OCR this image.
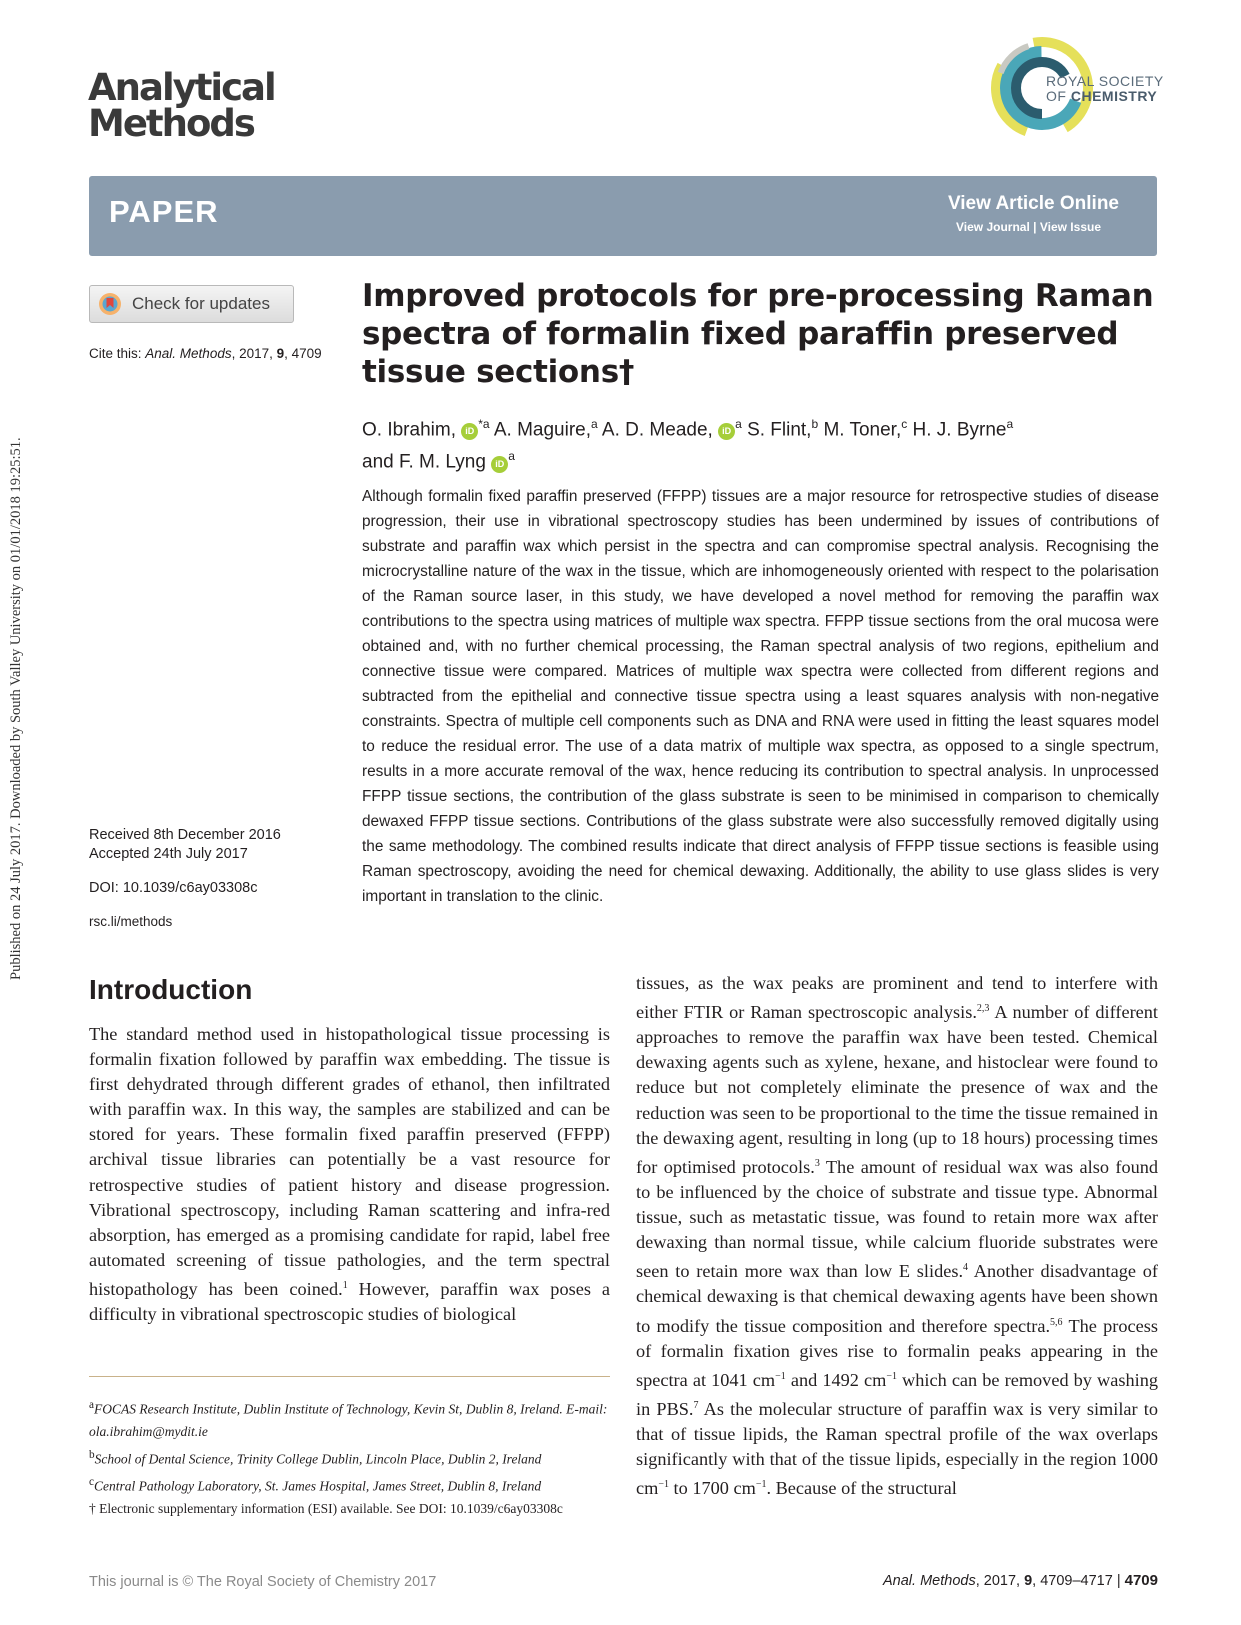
Published on 24 July 2017. Downloaded by South Valley University on 01/01/2018 19:25:51.
Analytical
Methods
ROYAL SOCIETY
OF CHEMISTRY
PAPER	View Article Online
View Journal | View Issue
Check for updates
Cite this: Anal. Methods, 2017, 9, 4709
Improved protocols for pre-processing Raman spectra of formalin fixed paraffin preserved tissue sections†
O. Ibrahim, $iD^{*a}$ A. Maguire,$^a$ A. D. Meade, $iD^a$ S. Flint,$^b$ M. Toner,$^c$ H. J. Byrne$^a$
and F. M. Lyng $iD^a$

Although formalin fixed paraffin preserved (FFPP) tissues are a major resource for retrospective studies of disease progression, their use in vibrational spectroscopy studies has been undermined by issues of contributions of substrate and paraffin wax which persist in the spectra and can compromise spectral analysis. Recognising the microcrystalline nature of the wax in the tissue, which are inhomogeneously oriented with respect to the polarisation of the Raman source laser, in this study, we have developed a novel method for removing the paraffin wax contributions to the spectra using matrices of multiple wax spectra. FFPP tissue sections from the oral mucosa were obtained and, with no further chemical processing, the Raman spectral analysis of two regions, epithelium and connective tissue were compared. Matrices of multiple wax spectra were collected from different regions and subtracted from the epithelial and connective tissue spectra using a least squares analysis with non-negative constraints. Spectra of multiple cell components such as DNA and RNA were used in fitting the least squares model to reduce the residual error. The use of a data matrix of multiple wax spectra, as opposed to a single spectrum, results in a more accurate removal of the wax, hence reducing its contribution to spectral analysis. In unprocessed FFPP tissue sections, the contribution of the glass substrate is seen to be minimised in comparison to chemically dewaxed FFPP tissue sections. Contributions of the glass substrate were also successfully removed digitally using the same methodology. The combined results indicate that direct analysis of FFPP tissue sections is feasible using Raman spectroscopy, avoiding the need for chemical dewaxing. Additionally, the ability to use glass slides is very important in translation to the clinic.

Received 8th December 2016
Accepted 24th July 2017
DOI: 10.1039/c6ay03308c
rsc.li/methods
Introduction
The standard method used in histopathological tissue processing is formalin fixation followed by paraffin wax embedding. The tissue is first dehydrated through different grades of ethanol, then infiltrated with paraffin wax. In this way, the samples are stabilized and can be stored for years. These formalin fixed paraffin preserved (FFPP) archival tissue libraries can potentially be a vast resource for retrospective studies of patient history and disease progression. Vibrational spectroscopy, including Raman scattering and infra-red absorption, has emerged as a promising candidate for rapid, label free automated screening of tissue pathologies, and the term spectral histopathology has been coined.$^1$ However, paraffin wax poses a difficulty in vibrational spectroscopic studies of biological
tissues, as the wax peaks are prominent and tend to interfere with either FTIR or Raman spectroscopic analysis.$^{2,3}$ A number of different approaches to remove the paraffin wax have been tested. Chemical dewaxing agents such as xylene, hexane, and histoclear were found to reduce but not completely eliminate the presence of wax and the reduction was seen to be proportional to the time the tissue remained in the dewaxing agent, resulting in long (up to 18 hours) processing times for optimised protocols.$^3$ The amount of residual wax was also found to be influenced by the choice of substrate and tissue type. Abnormal tissue, such as metastatic tissue, was found to retain more wax after dewaxing than normal tissue, while calcium fluoride substrates were seen to retain more wax than low E slides.$^4$ Another disadvantage of chemical dewaxing is that chemical dewaxing agents have been shown to modify the tissue composition and therefore spectra.$^{5,6}$ The process of formalin fixation gives rise to formalin peaks appearing in the spectra at 1041 $cm^{-1}$ and 1492 $cm^{-1}$ which can be removed by washing in PBS.$^7$ As the molecular structure of paraffin wax is very similar to that of tissue lipids, the Raman spectral profile of the wax overlaps significantly with that of the tissue lipids, especially in the region 1000 $cm^{-1}$ to 1700 $cm^{-1}$. Because of the structural
$^a$FOCAS Research Institute, Dublin Institute of Technology, Kevin St, Dublin 8, Ireland. E-mail: ola.ibrahim@mydit.ie
$^b$School of Dental Science, Trinity College Dublin, Lincoln Place, Dublin 2, Ireland
$^c$Central Pathology Laboratory, St. James Hospital, James Street, Dublin 8, Ireland
† Electronic supplementary information (ESI) available. See DOI: 10.1039/c6ay03308c
This journal is © The Royal Society of Chemistry 2017	Anal. Methods, 2017, 9, 4709–4717 | 4709
